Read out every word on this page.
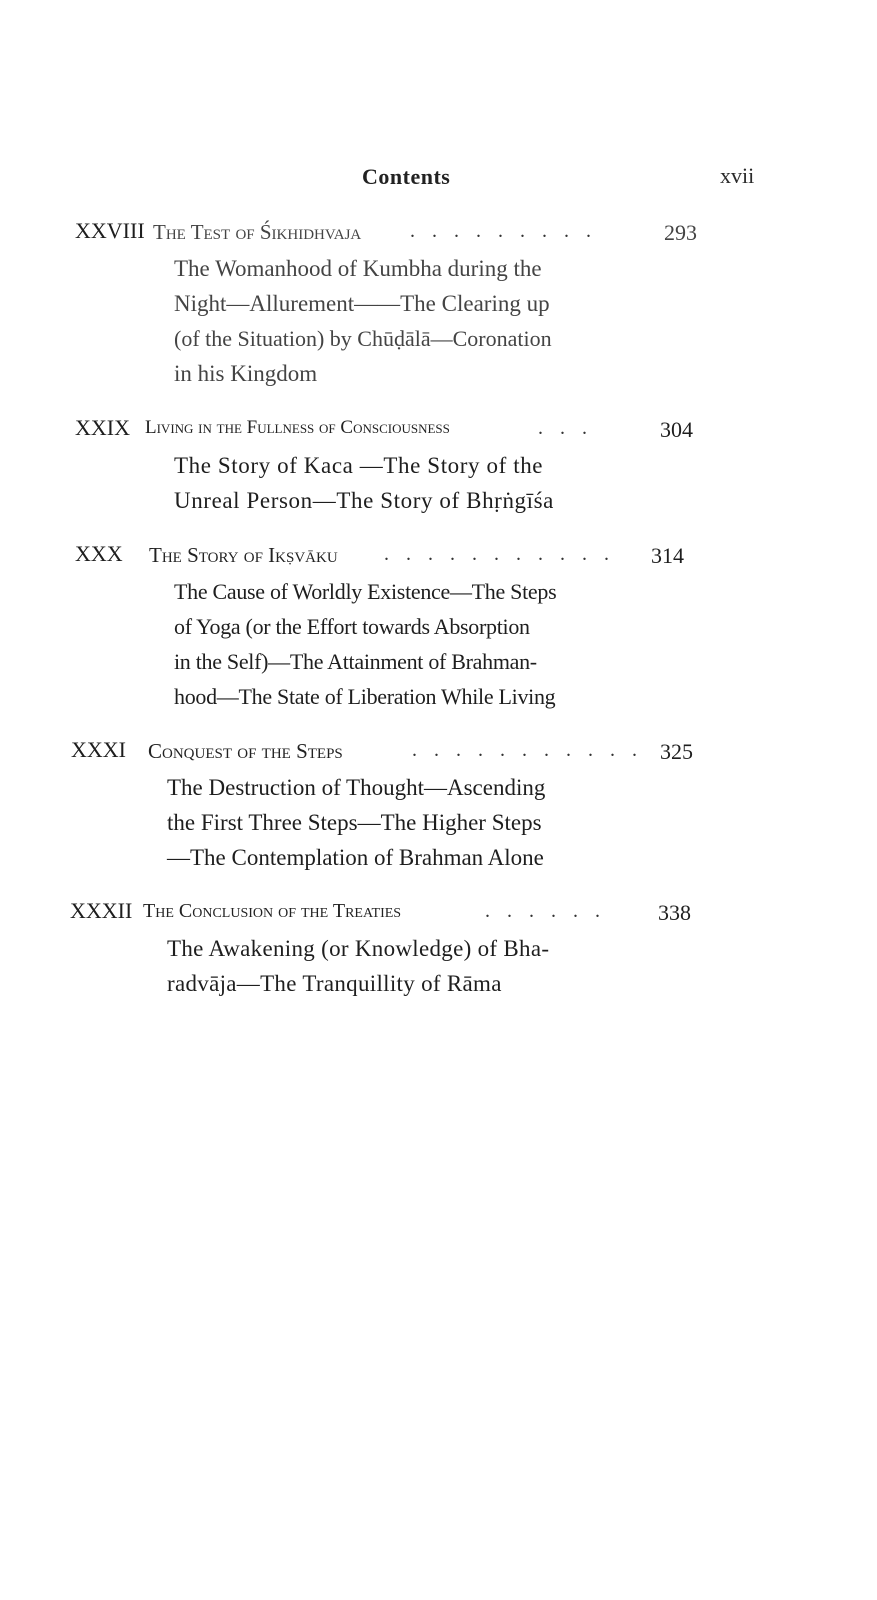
Contents	xvii
XXVIII The Test of Śikhidhvaja . . . . . . . . .	293
The Womanhood of Kumbha during the
Night—Allurement——The Clearing up
(of the Situation) by Chūḍālā—Coronation
in his Kingdom
XXIX Living in the Fullness of Consciousness	. . .	304
The Story of Kaca —The Story of the
Unreal Person—The Story of Bhṛṅgīśa
XXX The Story of Ikṣvāku . . . . . . . . . . . 314
The Cause of Worldly Existence—The Steps
of Yoga (or the Effort towards Absorption
in the Self)—The Attainment of Brahman-
hood—The State of Liberation While Living
XXXI Conquest of the Steps	. . . . . . . . . . . 325
The Destruction of Thought—Ascending
the First Three Steps—The Higher Steps
—The Contemplation of Brahman Alone
XXXII The Conclusion of the Treaties	. . . . . . 338
The Awakening (or Knowledge) of Bha-
radvāja—The Tranquillity of Rāma
